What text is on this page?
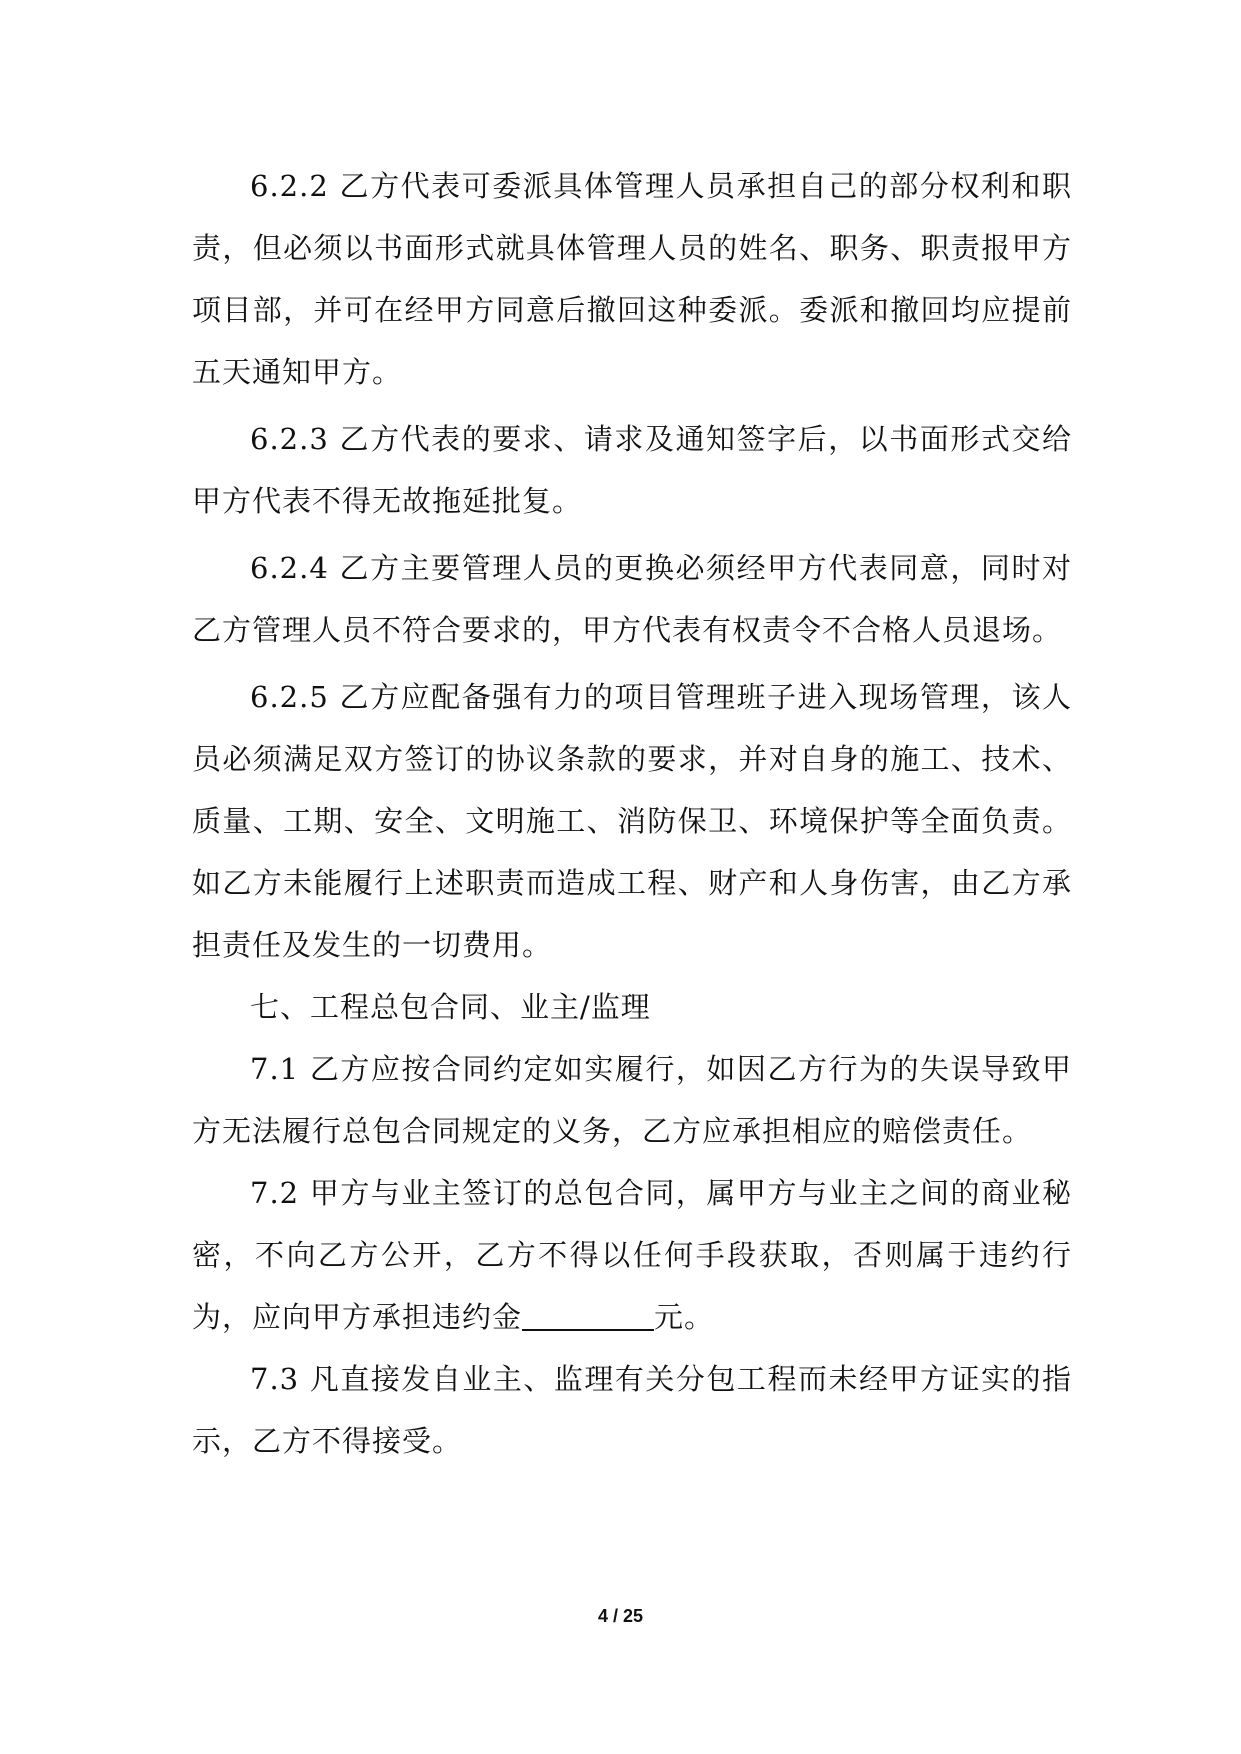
6.2.2 乙方代表可委派具体管理人员承担自己的部分权利和职责，但必须以书面形式就具体管理人员的姓名、职务、职责报甲方项目部，并可在经甲方同意后撤回这种委派。委派和撤回均应提前五天通知甲方。

6.2.3 乙方代表的要求、请求及通知签字后，以书面形式交给甲方代表不得无故拖延批复。

6.2.4 乙方主要管理人员的更换必须经甲方代表同意，同时对乙方管理人员不符合要求的，甲方代表有权责令不合格人员退场。

6.2.5 乙方应配备强有力的项目管理班子进入现场管理，该人员必须满足双方签订的协议条款的要求，并对自身的施工、技术、质量、工期、安全、文明施工、消防保卫、环境保护等全面负责。如乙方未能履行上述职责而造成工程、财产和人身伤害，由乙方承担责任及发生的一切费用。

七、工程总包合同、业主/监理

7.1 乙方应按合同约定如实履行，如因乙方行为的失误导致甲方无法履行总包合同规定的义务，乙方应承担相应的赔偿责任。

7.2 甲方与业主签订的总包合同，属甲方与业主之间的商业秘密，不向乙方公开，乙方不得以任何手段获取，否则属于违约行为，应向甲方承担违约金	元。

7.3 凡直接发自业主、监理有关分包工程而未经甲方证实的指示，乙方不得接受。

4 / 25
